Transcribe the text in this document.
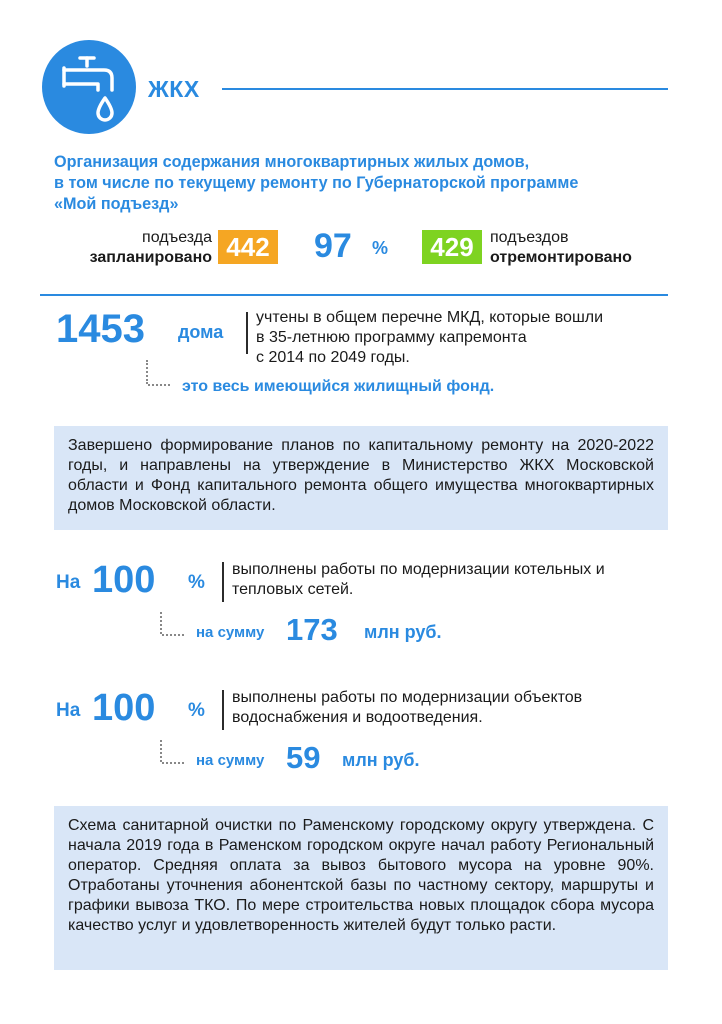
ЖКХ
Организация содержания многоквартирных жилых домов,
в том числе по текущему ремонту по Губернаторской программе
«Мой подъезд»
подъезда
запланировано 442 97 %	429	подъездов
отремонтировано
1453 дома
учтены в общем перечне МКД, которые вошли
в 35-летнюю программу капремонта
с 2014 по 2049 годы.
это весь имеющийся жилищный фонд.
Завершено формирование планов по капитальному ремонту на 2020-2022 годы, и направлены на утверждение в Министерство ЖКХ Московской области и Фонд капитального ремонта общего имущества многоквартирных домов Московской области.
На 100 %
выполнены работы по модернизации котельных и
тепловых сетей.
на сумму 173 млн руб.
На 100 %
выполнены работы по модернизации объектов
водоснабжения и водоотведения.
на сумму 59 млн руб.
Схема санитарной очистки по Раменскому городскому округу утверждена. С начала 2019 года в Раменском городском округе начал работу Региональный оператор. Средняя оплата за вывоз бытового мусора на уровне 90%. Отработаны уточнения абонентской базы по частному сектору, маршруты и графики вывоза ТКО. По мере строительства новых площадок сбора мусора качество услуг и удовлетворенность жителей будут только расти.
